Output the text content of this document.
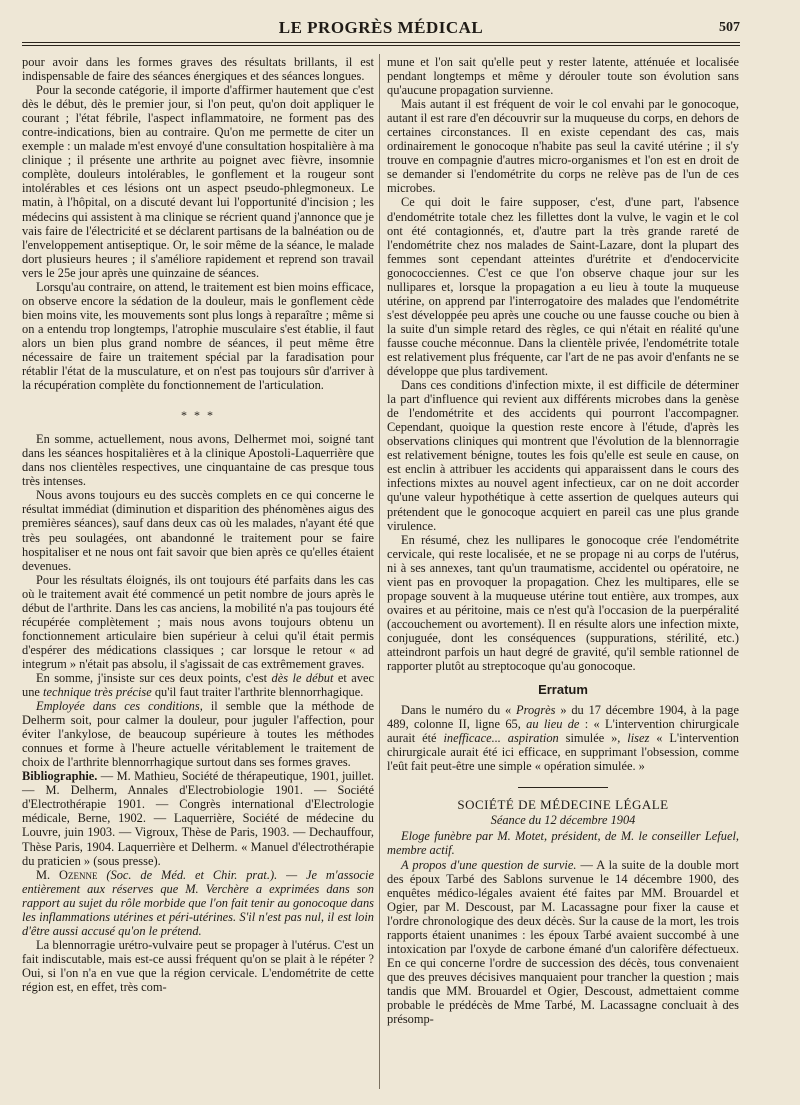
LE PROGRÈS MÉDICAL	507

pour avoir dans les formes graves des résultats brillants, il est indispensable de faire des séances énergiques et des séances longues.

Pour la seconde catégorie, il importe d'affirmer hautement que c'est dès le début, dès le premier jour, si l'on peut, qu'on doit appliquer le courant ; l'état fébrile, l'aspect inflammatoire, ne forment pas des contre-indications, bien au contraire. Qu'on me permette de citer un exemple : un malade m'est envoyé d'une consultation hospitalière à ma clinique ; il présente une arthrite au poignet avec fièvre, insomnie complète, douleurs intolérables, le gonflement et la rougeur sont intolérables et ces lésions ont un aspect pseudo-phlegmoneux. Le matin, à l'hôpital, on a discuté devant lui l'opportunité d'incision ; les médecins qui assistent à ma clinique se récrient quand j'annonce que je vais faire de l'électricité et se déclarent partisans de la balnéation ou de l'enveloppement antiseptique. Or, le soir même de la séance, le malade dort plusieurs heures ; il s'améliore rapidement et reprend son travail vers le 25e jour après une quinzaine de séances.

Lorsqu'au contraire, on attend, le traitement est bien moins efficace, on observe encore la sédation de la douleur, mais le gonflement cède bien moins vite, les mouvements sont plus longs à reparaître ; même si on a entendu trop longtemps, l'atrophie musculaire s'est établie, il faut alors un bien plus grand nombre de séances, il peut même être nécessaire de faire un traitement spécial par la faradisation pour rétablir l'état de la musculature, et on n'est pas toujours sûr d'arriver à la récupération complète du fonctionnement de l'articulation.

* * *

En somme, actuellement, nous avons, Delhermet moi, soigné tant dans les séances hospitalières et à la clinique Apostoli-Laquerrière que dans nos clientèles respectives, une cinquantaine de cas presque tous très intenses.

Nous avons toujours eu des succès complets en ce qui concerne le résultat immédiat (diminution et disparition des phénomènes aigus des premières séances), sauf dans deux cas où les malades, n'ayant été que très peu soulagées, ont abandonné le traitement pour se faire hospitaliser et ne nous ont fait savoir que bien après ce qu'elles étaient devenues.

Pour les résultats éloignés, ils ont toujours été parfaits dans les cas où le traitement avait été commencé un petit nombre de jours après le début de l'arthrite. Dans les cas anciens, la mobilité n'a pas toujours été récupérée complètement ; mais nous avons toujours obtenu un fonctionnement articulaire bien supérieur à celui qu'il était permis d'espérer des médications classiques ; car lorsque le retour « ad integrum » n'était pas absolu, il s'agissait de cas extrêmement graves.

En somme, j'insiste sur ces deux points, c'est dès le début et avec une technique très précise qu'il faut traiter l'arthrite blennorrhagique.

Employée dans ces conditions, il semble que la méthode de Delherm soit, pour calmer la douleur, pour juguler l'affection, pour éviter l'ankylose, de beaucoup supérieure à toutes les méthodes connues et forme à l'heure actuelle véritablement le traitement de choix de l'arthrite blennorrhagique surtout dans ses formes graves.

Bibliographie. — M. Mathieu, Société de thérapeutique, 1901, juillet. — M. Delherm, Annales d'Electrobiologie 1901. — Société d'Electrothérapie 1901. — Congrès international d'Electrologie médicale, Berne, 1902. — Laquerrière, Société de médecine du Louvre, juin 1903. — Vigroux, Thèse de Paris, 1903. — Dechauffour, Thèse Paris, 1904. Laquerrière et Delherm. « Manuel d'électrothérapie du praticien » (sous presse).

M. Ozenne (Soc. de Méd. et Chir. prat.). — Je m'associe entièrement aux réserves que M. Verchère a exprimées dans son rapport au sujet du rôle morbide que l'on fait tenir au gonocoque dans les inflammations utérines et péri-utérines. S'il n'est pas nul, il est loin d'être aussi accusé qu'on le prétend.

La blennorragie urétro-vulvaire peut se propager à l'utérus. C'est un fait indiscutable, mais est-ce aussi fréquent qu'on se plait à le répéter ? Oui, si l'on n'a en vue que la région cervicale. L'endométrite de cette région est, en effet, très com-

mune et l'on sait qu'elle peut y rester latente, atténuée et localisée pendant longtemps et même y dérouler toute son évolution sans qu'aucune propagation survienne.

Mais autant il est fréquent de voir le col envahi par le gonocoque, autant il est rare d'en découvrir sur la muqueuse du corps, en dehors de certaines circonstances. Il en existe cependant des cas, mais ordinairement le gonocoque n'habite pas seul la cavité utérine ; il s'y trouve en compagnie d'autres micro-organismes et l'on est en droit de se demander si l'endométrite du corps ne relève pas de l'un de ces microbes.

Ce qui doit le faire supposer, c'est, d'une part, l'absence d'endométrite totale chez les fillettes dont la vulve, le vagin et le col ont été contagionnés, et, d'autre part la très grande rareté de l'endométrite chez nos malades de Saint-Lazare, dont la plupart des femmes sont cependant atteintes d'urétrite et d'endocervicite gonococciennes. C'est ce que l'on observe chaque jour sur les nullipares et, lorsque la propagation a eu lieu à toute la muqueuse utérine, on apprend par l'interrogatoire des malades que l'endométrite s'est développée peu après une couche ou une fausse couche ou bien à la suite d'un simple retard des règles, ce qui n'était en réalité qu'une fausse couche méconnue. Dans la clientèle privée, l'endométrite totale est relativement plus fréquente, car l'art de ne pas avoir d'enfants ne se développe que plus tardivement.

Dans ces conditions d'infection mixte, il est difficile de déterminer la part d'influence qui revient aux différents microbes dans la genèse de l'endométrite et des accidents qui pourront l'accompagner. Cependant, quoique la question reste encore à l'étude, d'après les observations cliniques qui montrent que l'évolution de la blennorragie est relativement bénigne, toutes les fois qu'elle est seule en cause, on est enclin à attribuer les accidents qui apparaissent dans le cours des infections mixtes au nouvel agent infectieux, car on ne doit accorder qu'une valeur hypothétique à cette assertion de quelques auteurs qui prétendent que le gonocoque acquiert en pareil cas une plus grande virulence.

En résumé, chez les nullipares le gonocoque crée l'endométrite cervicale, qui reste localisée, et ne se propage ni au corps de l'utérus, ni à ses annexes, tant qu'un traumatisme, accidentel ou opératoire, ne vient pas en provoquer la propagation. Chez les multipares, elle se propage souvent à la muqueuse utérine tout entière, aux trompes, aux ovaires et au péritoine, mais ce n'est qu'à l'occasion de la puerpéralité (accouchement ou avortement). Il en résulte alors une infection mixte, conjuguée, dont les conséquences (suppurations, stérilité, etc.) atteindront parfois un haut degré de gravité, qu'il semble rationnel de rapporter plutôt au streptocoque qu'au gonocoque.

Erratum

Dans le numéro du « Progrès » du 17 décembre 1904, à la page 489, colonne II, ligne 65, au lieu de : « L'intervention chirurgicale aurait été inefficace... aspiration simulée », lisez « L'intervention chirurgicale aurait été ici efficace, en supprimant l'obsession, comme l'eût fait peut-être une simple « opération simulée. »

SOCIÉTÉ DE MÉDECINE LÉGALE
Séance du 12 décembre 1904

Eloge funèbre par M. Motet, président, de M. le conseiller Lefuel, membre actif.

A propos d'une question de survie. — A la suite de la double mort des époux Tarbé des Sablons survenue le 14 décembre 1900, des enquêtes médico-légales avaient été faites par MM. Brouardel et Ogier, par M. Descoust, par M. Lacassagne pour fixer la cause et l'ordre chronologique des deux décès. Sur la cause de la mort, les trois rapports étaient unanimes : les époux Tarbé avaient succombé à une intoxication par l'oxyde de carbone émané d'un calorifère défectueux. En ce qui concerne l'ordre de succession des décès, tous convenaient que des preuves décisives manquaient pour trancher la question ; mais tandis que MM. Brouardel et Ogier, Descoust, admettaient comme probable le prédécès de Mme Tarbé, M. Lacassagne concluait à des présomp-
